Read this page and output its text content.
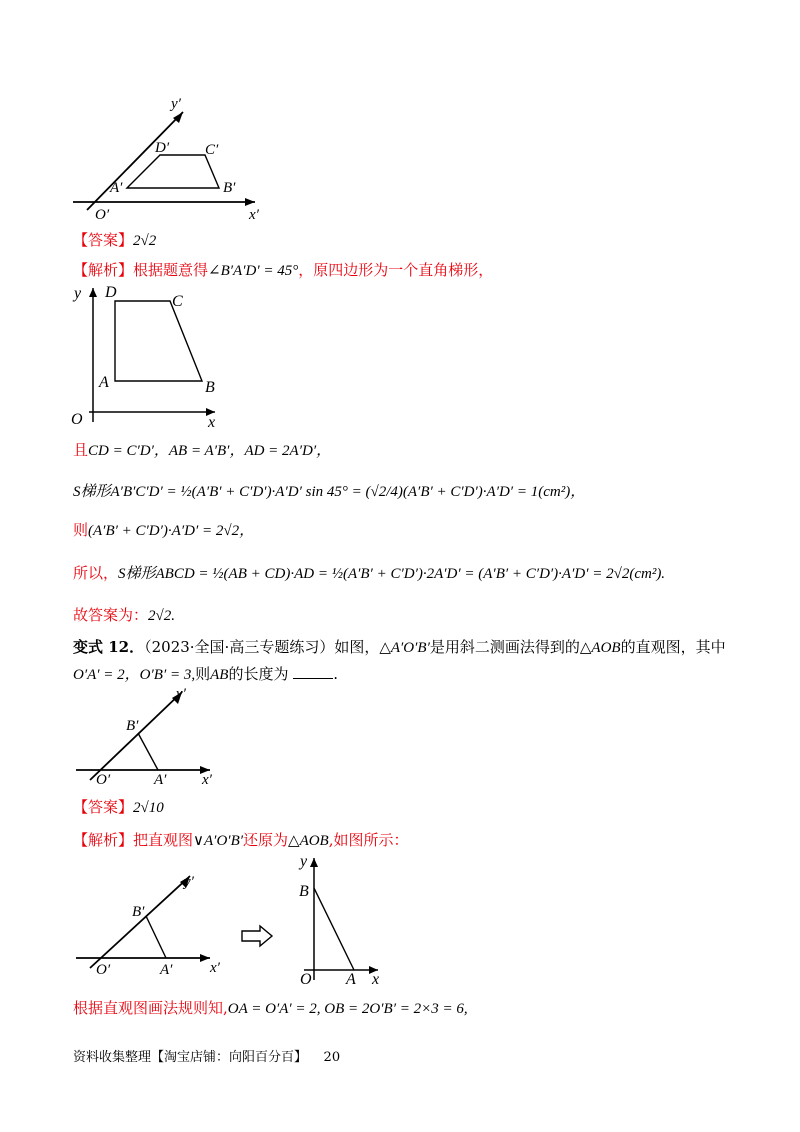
y′
x′
O′
A′	B′
C′
D′
【答案】2√2
【解析】根据题意得∠B′A′D′ = 45°，原四边形为一个直角梯形，
y
x
O
A	B
C
D
且CD = C′D′，AB = A′B′，AD = 2A′D′，
S梯形A′B′C′D′ = ½(A′B′ + C′D′)·A′D′ sin 45° = (√2/4)(A′B′ + C′D′)·A′D′ = 1(cm²)，
则(A′B′ + C′D′)·A′D′ = 2√2，
所以，S梯形ABCD = ½(AB + CD)·AD = ½(A′B′ + C′D′)·2A′D′ = (A′B′ + C′D′)·A′D′ = 2√2(cm²).
故答案为：2√2.
变式 12．（2023·全国·高三专题练习）如图，△A′O′B′是用斜二测画法得到的△AOB的直观图，其中
O′A′ = 2，O′B′ = 3,则AB的长度为	.
y′
x′
O′	A′
B′
【答案】2√10
【解析】把直观图∨A′O′B′还原为△AOB,如图所示：
y′
x′
O′	A′
B′
y
x
O A
B
根据直观图画法规则知,OA = O′A′ = 2, OB = 2O′B′ = 2×3 = 6,
资料收集整理【淘宝店铺：向阳百分百】 20
